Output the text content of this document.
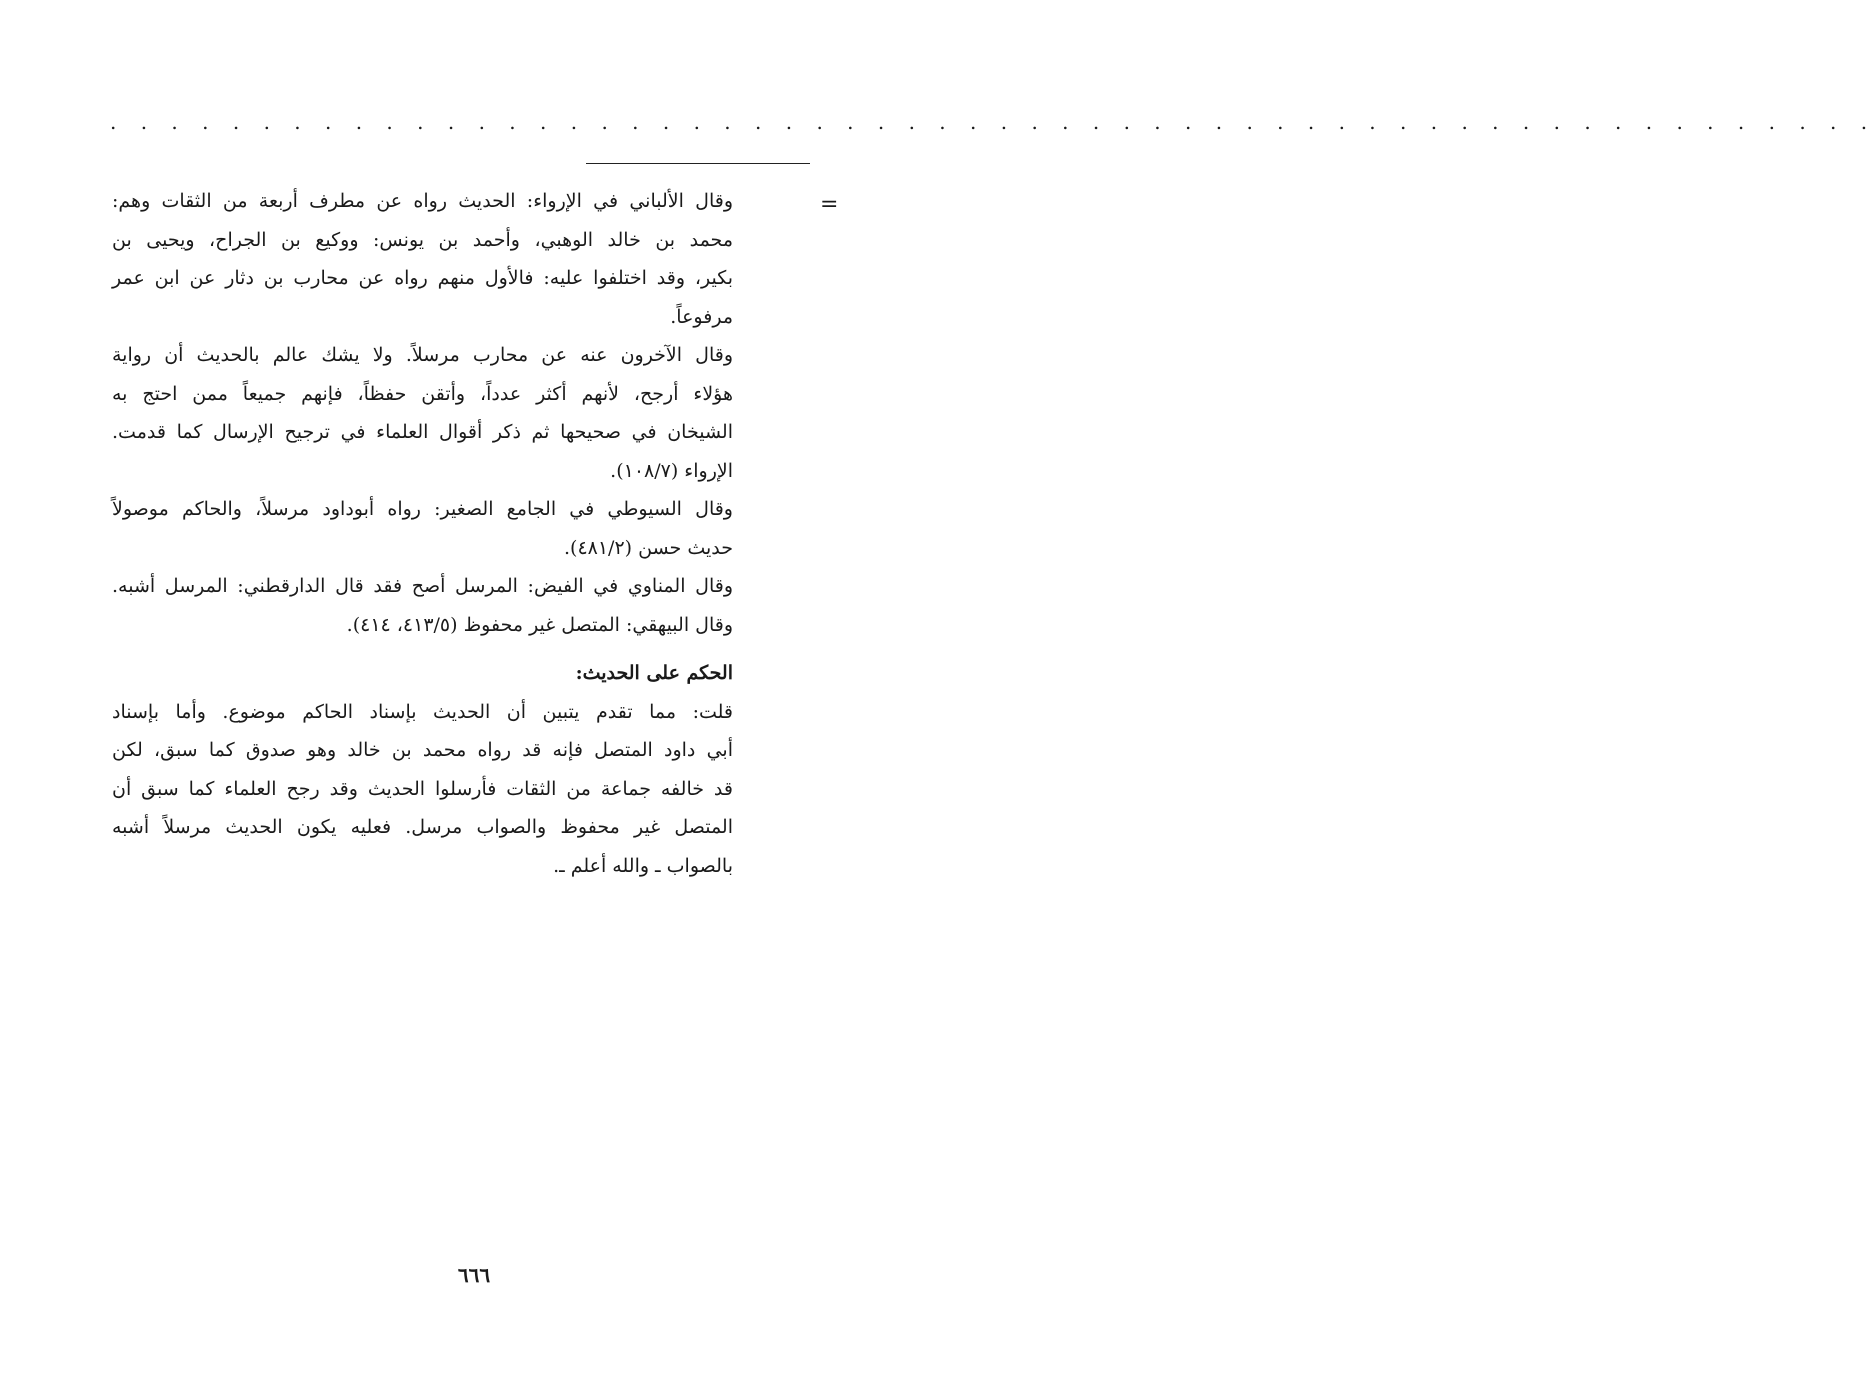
. . . . . . . . . . . . . . . . . . . . . . . . . . . . . . . . . . . . . . . . . . . . . . . . . . . . . . . . . .
=
وقال الألباني في الإرواء: الحديث رواه عن مطرف أربعة من الثقات وهم:
محمد بن خالد الوهبي، وأحمد بن يونس: ووكيع بن الجراح، ويحيى بن
بكير، وقد اختلفوا عليه: فالأول منهم رواه عن محارب بن دثار عن ابن عمر
مرفوعاً.
وقال الآخرون عنه عن محارب مرسلاً. ولا يشك عالم بالحديث أن رواية
هؤلاء أرجح، لأنهم أكثر عدداً، وأتقن حفظاً، فإنهم جميعاً ممن احتج به
الشيخان في صحيحها ثم ذكر أقوال العلماء في ترجيح الإرسال كما قدمت.
الإرواء (١٠٨/٧).
وقال السيوطي في الجامع الصغير: رواه أبوداود مرسلاً، والحاكم موصولاً
حديث حسن (٤٨١/٢).
وقال المناوي في الفيض: المرسل أصح فقد قال الدارقطني: المرسل أشبه.
وقال البيهقي: المتصل غير محفوظ (٤١٣/٥، ٤١٤).
الحكم على الحديث:
قلت: مما تقدم يتبين أن الحديث بإسناد الحاكم موضوع. وأما بإسناد
أبي داود المتصل فإنه قد رواه محمد بن خالد وهو صدوق كما سبق، لكن
قد خالفه جماعة من الثقات فأرسلوا الحديث وقد رجح العلماء كما سبق أن
المتصل غير محفوظ والصواب مرسل. فعليه يكون الحديث مرسلاً أشبه
بالصواب ـ والله أعلم ـ.
٦٦٦
